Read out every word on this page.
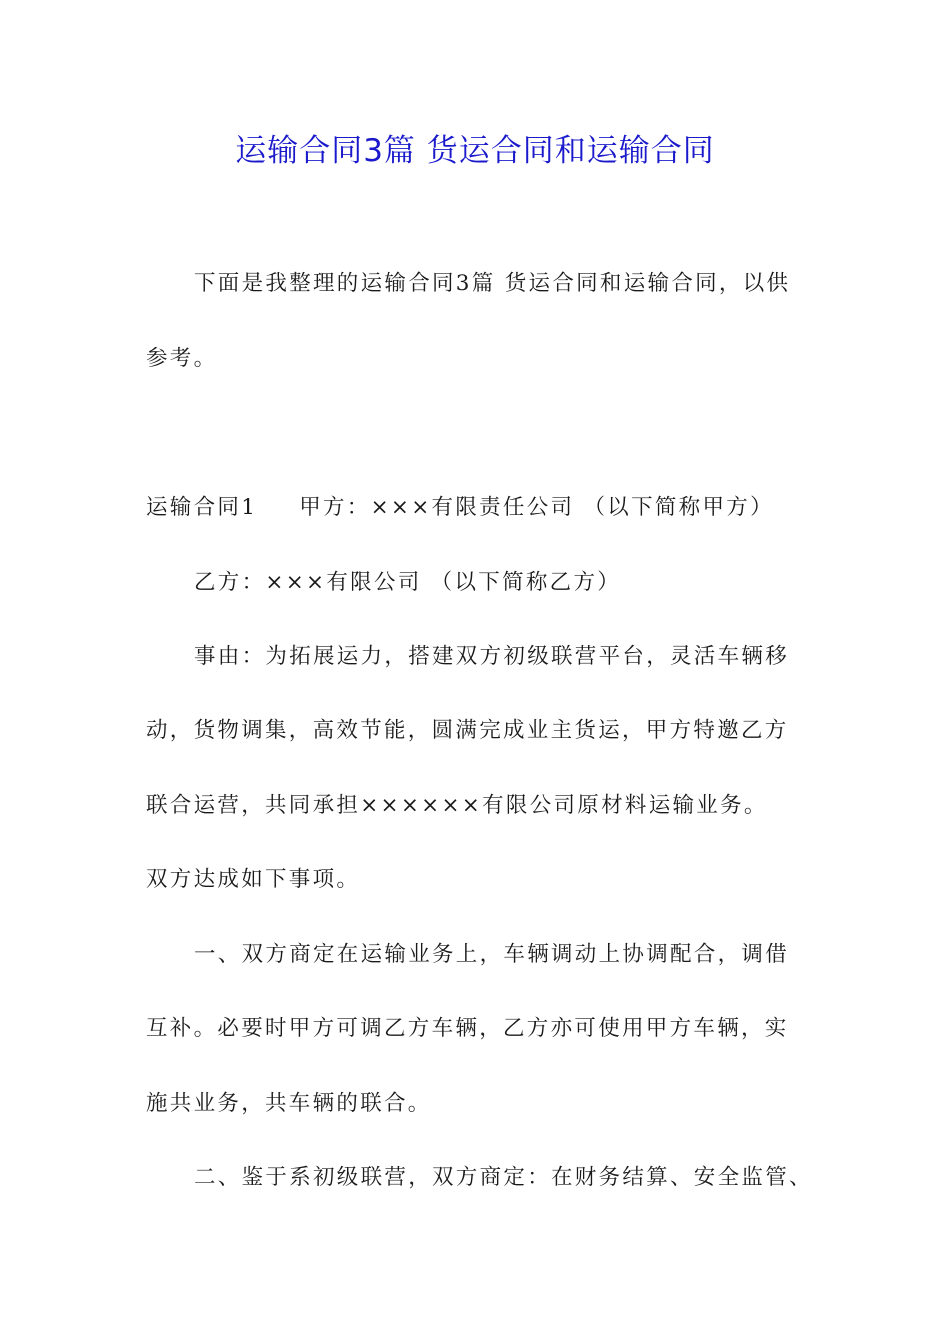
运输合同3篇 货运合同和运输合同

下面是我整理的运输合同3篇 货运合同和运输合同，以供

参考。

运输合同1 甲方：×××有限责任公司 （以下简称甲方）

乙方：×××有限公司 （以下简称乙方）

事由：为拓展运力，搭建双方初级联营平台，灵活车辆移

动，货物调集，高效节能，圆满完成业主货运，甲方特邀乙方

联合运营，共同承担××××××有限公司原材料运输业务。

双方达成如下事项。

一、双方商定在运输业务上，车辆调动上协调配合，调借

互补。必要时甲方可调乙方车辆，乙方亦可使用甲方车辆，实

施共业务，共车辆的联合。

二、鉴于系初级联营，双方商定：在财务结算、安全监管、
